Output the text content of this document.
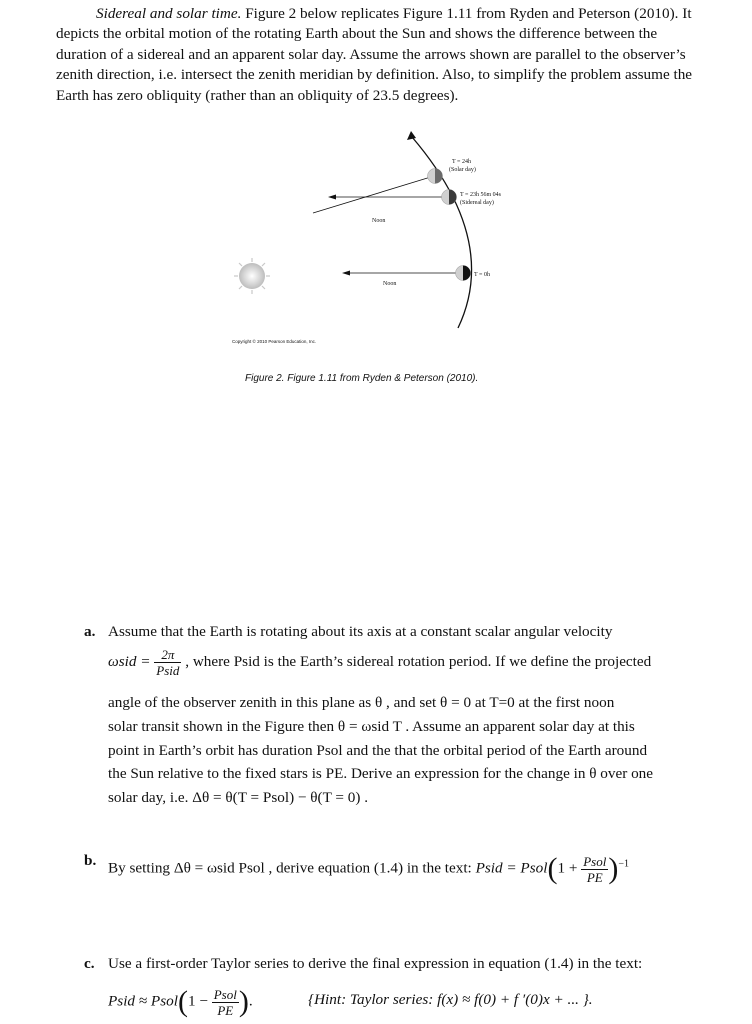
Sidereal and solar time. Figure 2 below replicates Figure 1.11 from Ryden and Peterson (2010). It depicts the orbital motion of the rotating Earth about the Sun and shows the difference between the duration of a sidereal and an apparent solar day. Assume the arrows shown are parallel to the observer’s zenith direction, i.e. intersect the zenith meridian by definition. Also, to simplify the problem assume the Earth has zero obliquity (rather than an obliquity of 23.5 degrees).
T = 24h
(Solar day)
T = 23h 56m 04s
(Sidereal day)
Noon
Noon
T = 0h
Copyright © 2010 Pearson Education, Inc.
Figure 2. Figure 1.11 from Ryden & Peterson (2010).
a. Assume that the Earth is rotating about its axis at a constant scalar angular velocity
$\omega sid = \frac{2\pi}{\text{Psid}}$ , where Psid is the Earth’s sidereal rotation period. If we define the projected
angle of the observer zenith in this plane as θ , and set θ = 0 at T=0 at the first noon
solar transit shown in the Figure then θ = ωsid T . Assume an apparent solar day at this
point in Earth’s orbit has duration Psol and the that the orbital period of the Earth around
the Sun relative to the fixed stars is PE. Derive an expression for the change in θ over one
solar day, i.e. Δθ = θ(T = Psol) − θ(T = 0) .
b. By setting Δθ = ωsid Psol , derive equation (1.4) in the text: Psid = Psol(1 + $\frac{\text{Psol}}{PE} )^{-1}$
c. Use a first-order Taylor series to derive the final expression in equation (1.4) in the text:
Psid ≈ Psol(1 − $\frac{\text{Psol}}{PE}$ ).	{Hint: Taylor series: f(x) ≈ f(0) + f ′(0)x + ... }.
